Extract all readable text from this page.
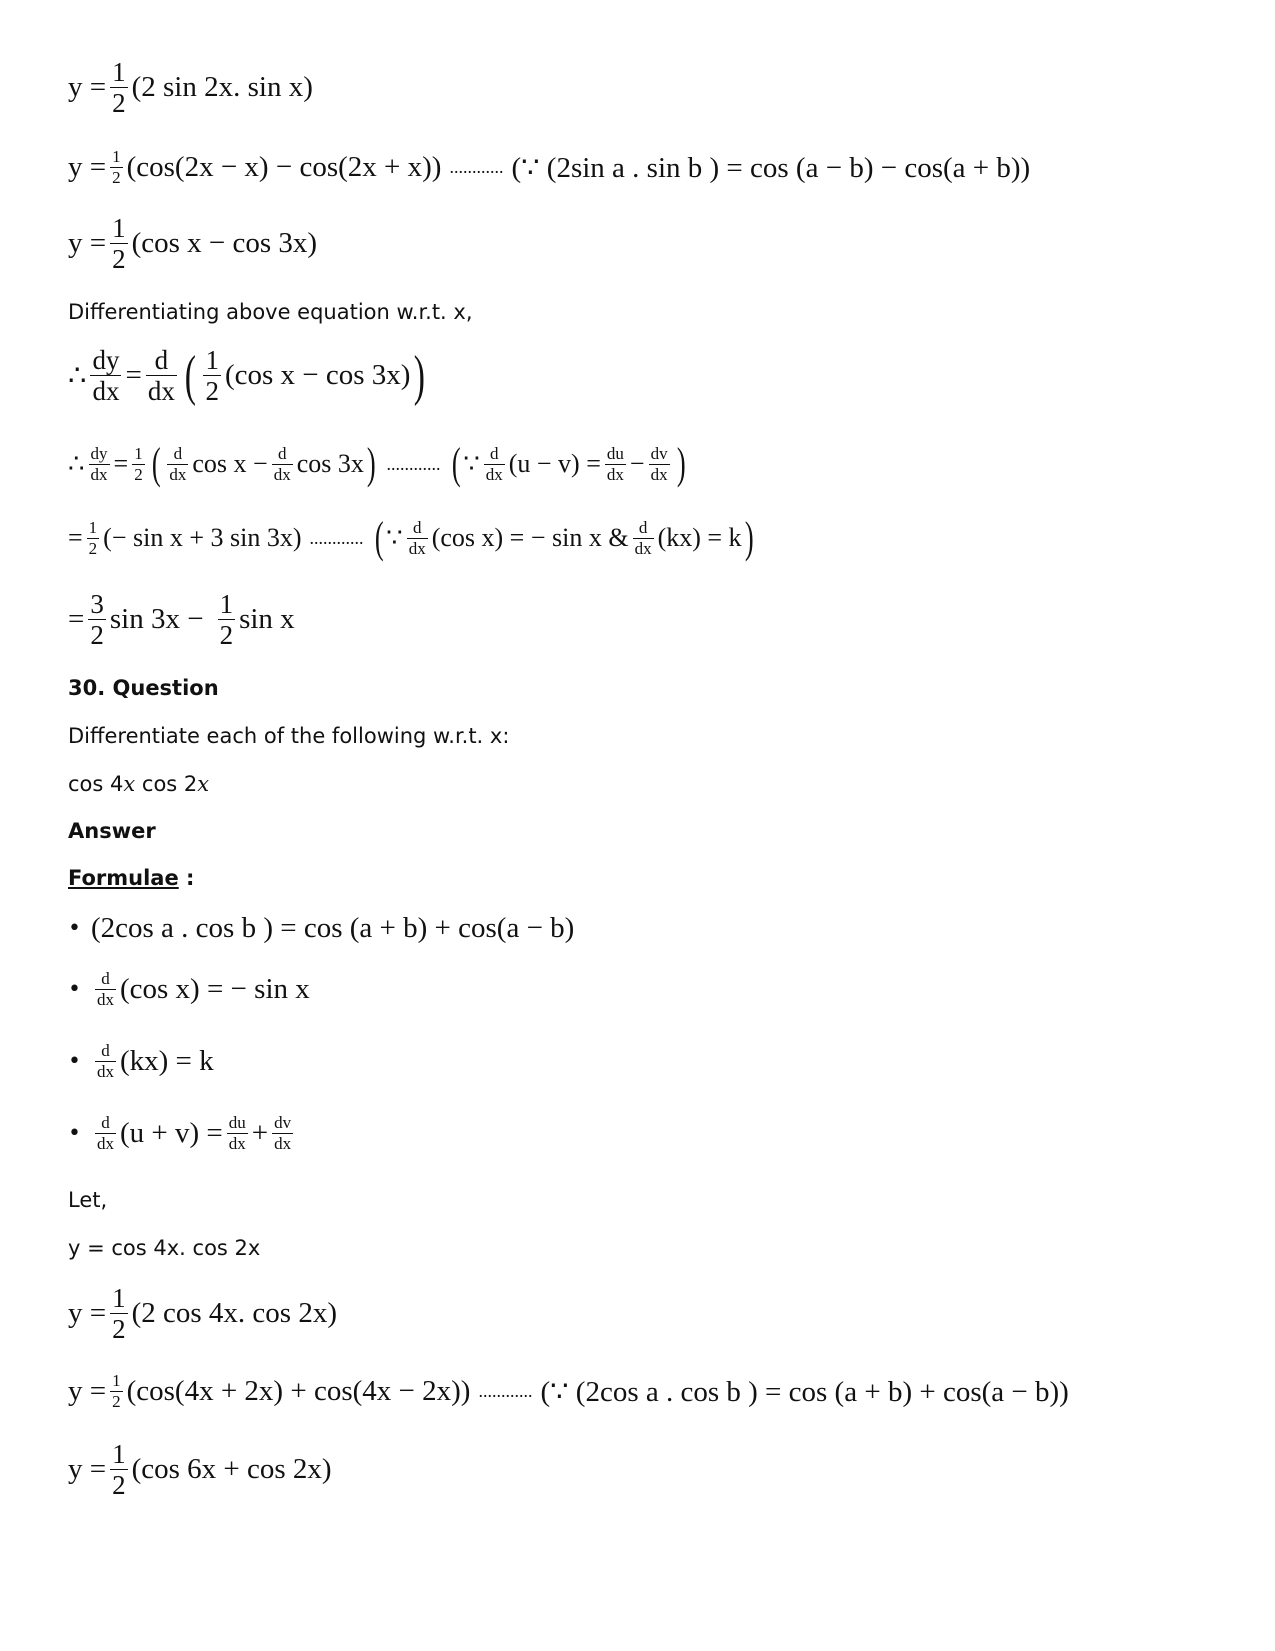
$y = \frac{1}{2} (2$ sin 2x. sin x)
$y = \frac{1}{2} (\cos(2x - x) - \cos(2x + x))$ ............ (∵ (2sin a . sin b ) = cos (a − b) − cos(a + b))
$y = \frac{1}{2} (\cos$ x − cos 3x)
Differentiating above equation w.r.t. x,
∴ $\frac{dy}{dx} = \frac{d}{dx}$ ( $\frac{1}{2} (\cos$ x − cos 3x) )
∴ $\frac{dy}{dx} = \frac{1}{2}$ ( $\frac{d}{dx}$ $\cos x - \frac{d}{dx}$ cos 3x ) ............ ( ∵ $\frac{d}{dx} (u - v) = \frac{du}{dx} - \frac{dv}{dx}$ )
= $\frac{1}{2}$ (− sin x + 3 sin 3x) ............ ( ∵ $\frac{d}{dx} (\cos$ x) = − sin x & $\frac{d}{dx} (kx) = k$ )
= $\frac{3}{2}$ $\sin 3x - \frac{1}{2}$ sin x
30. Question
Differentiate each of the following w.r.t. x:
cos 4x cos 2x
Answer
Formulae :
• (2cos a . cos b ) = cos (a + b) + cos(a − b)
• $\frac{d}{dx} (\cos$ x) = − sin x
• $\frac{d}{dx} (kx) = k$
• $\frac{d}{dx} (u + v) = \frac{du}{dx} + \frac{dv}{dx}$
Let,
y = cos 4x. cos 2x
$y = \frac{1}{2} (2$ cos 4x. cos 2x)
$y = \frac{1}{2} (\cos(4x + 2x) + \cos(4x - 2x))$ ............ (∵ (2cos a . cos b ) = cos (a + b) + cos(a − b))
$y = \frac{1}{2} (\cos$ 6x + cos 2x)
